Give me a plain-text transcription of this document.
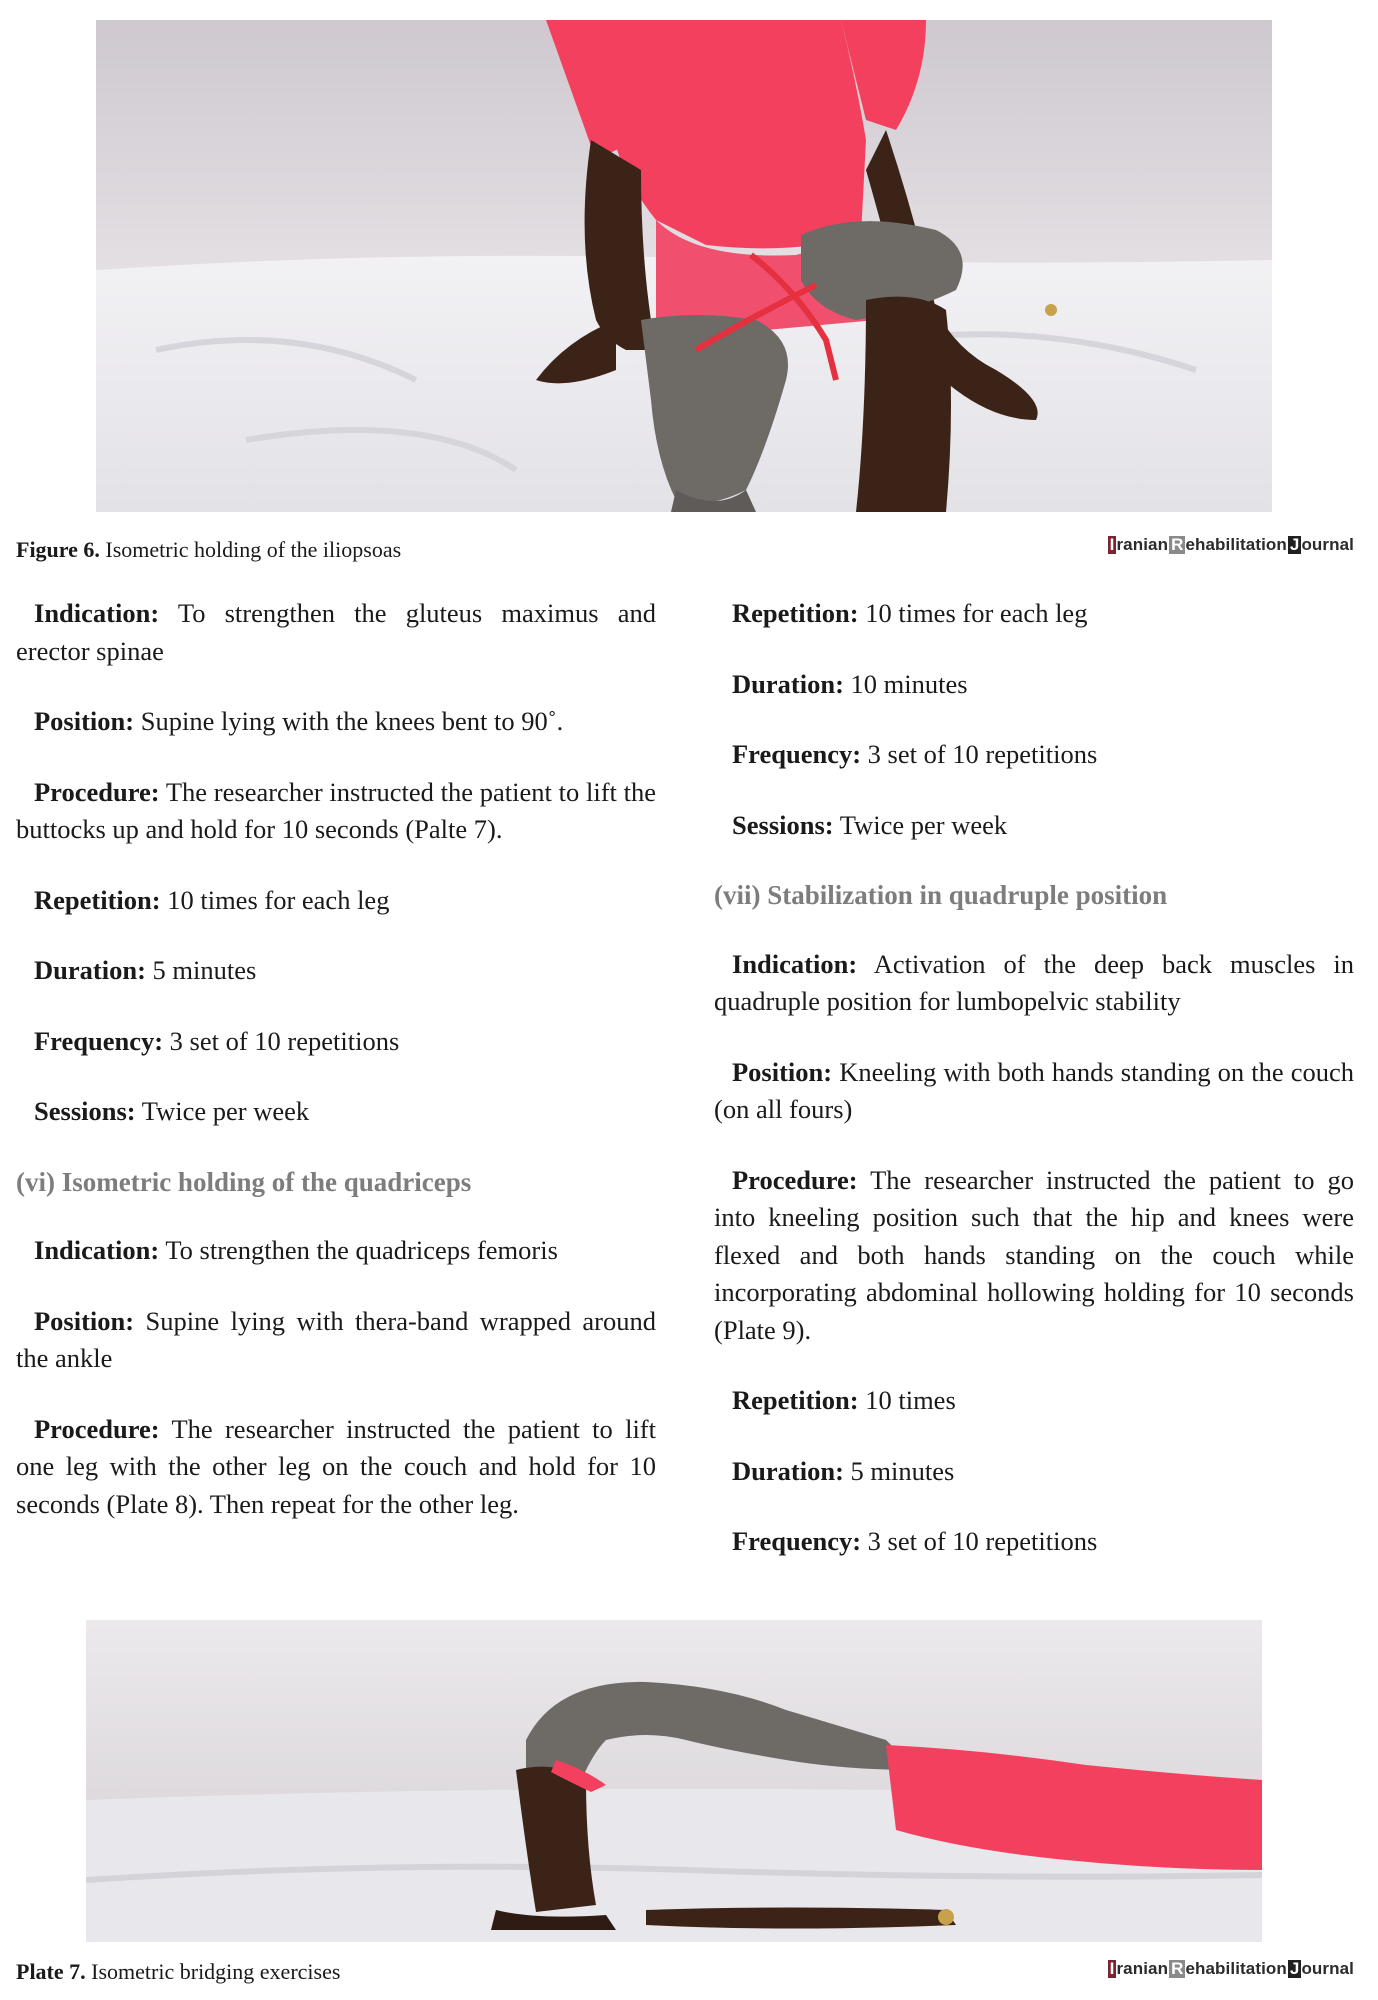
Figure 6. Isometric holding of the iliopsoas	I ranian R ehabilitation J ournal

Indication: To strengthen the gluteus maximus and erector spinae

Position: Supine lying with the knees bent to 90˚.

Procedure: The researcher instructed the patient to lift the buttocks up and hold for 10 seconds (Palte 7).

Repetition: 10 times for each leg

Duration: 5 minutes

Frequency: 3 set of 10 repetitions

Sessions: Twice per week

(vi) Isometric holding of the quadriceps

Indication: To strengthen the quadriceps femoris

Position: Supine lying with thera-band wrapped around the ankle

Procedure: The researcher instructed the patient to lift one leg with the other leg on the couch and hold for 10 seconds (Plate 8). Then repeat for the other leg.

Repetition: 10 times for each leg

Duration: 10 minutes

Frequency: 3 set of 10 repetitions

Sessions: Twice per week

(vii) Stabilization in quadruple position

Indication: Activation of the deep back muscles in quadruple position for lumbopelvic stability

Position: Kneeling with both hands standing on the couch (on all fours)

Procedure: The researcher instructed the patient to go into kneeling position such that the hip and knees were flexed and both hands standing on the couch while incorporating abdominal hollowing holding for 10 seconds (Plate 9).

Repetition: 10 times

Duration: 5 minutes

Frequency: 3 set of 10 repetitions

Plate 7. Isometric bridging exercises	I ranian R ehabilitation J ournal
